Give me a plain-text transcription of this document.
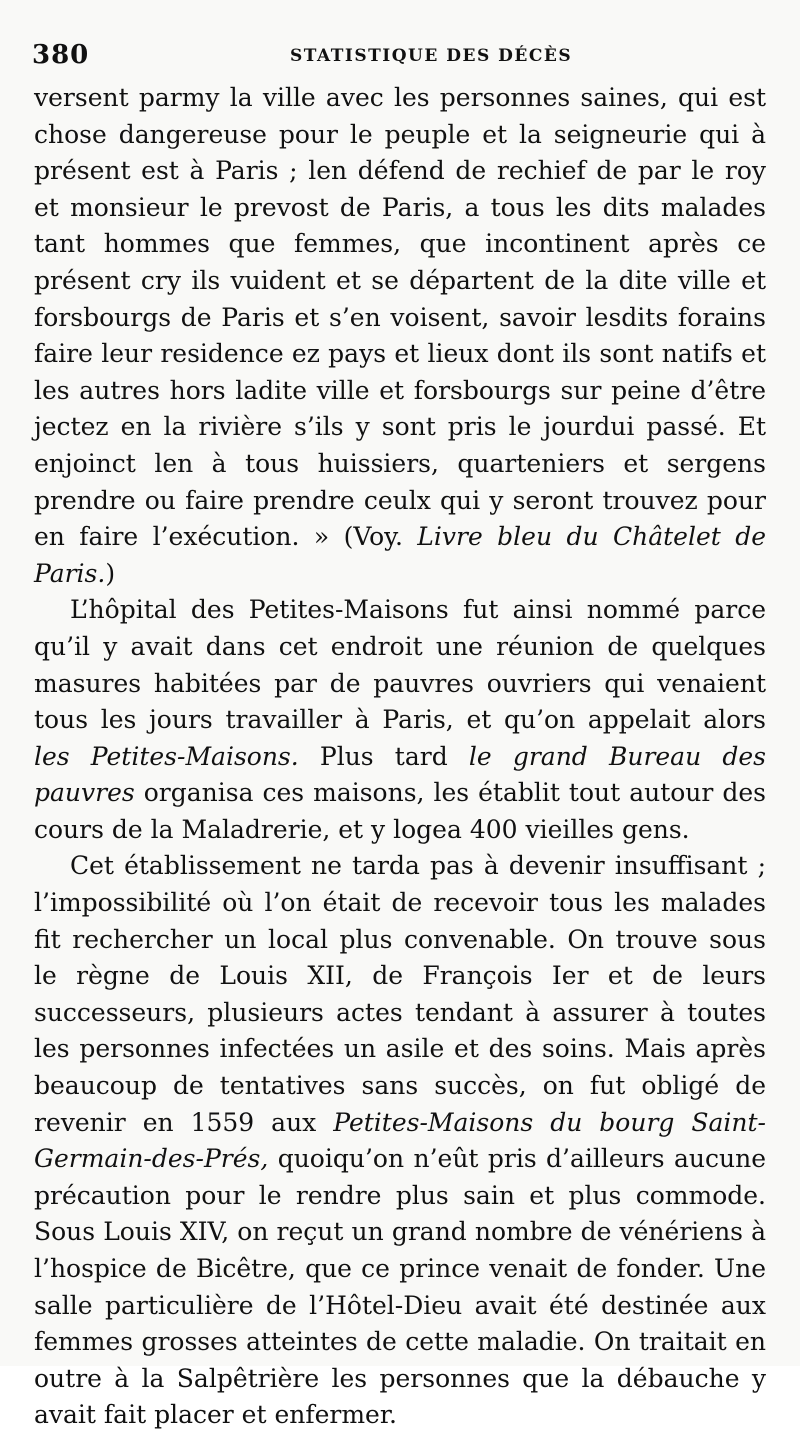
380	STATISTIQUE DES DÉCÈS

versent parmy la ville avec les personnes saines, qui est chose dangereuse pour le peuple et la seigneurie qui à présent est à Paris ; len défend de rechief de par le roy et monsieur le prevost de Paris, a tous les dits malades tant hommes que femmes, que incontinent après ce présent cry ils vuident et se départent de la dite ville et forsbourgs de Paris et s’en voisent, savoir lesdits forains faire leur residence ez pays et lieux dont ils sont natifs et les autres hors ladite ville et forsbourgs sur peine d’être jectez en la rivière s’ils y sont pris le jourdui passé. Et enjoinct len à tous huissiers, quarteniers et sergens prendre ou faire prendre ceulx qui y seront trouvez pour en faire l’exécution. » (Voy. Livre bleu du Châtelet de Paris.)

L’hôpital des Petites-Maisons fut ainsi nommé parce qu’il y avait dans cet endroit une réunion de quelques masures habitées par de pauvres ouvriers qui venaient tous les jours travailler à Paris, et qu’on appelait alors les Petites-Maisons. Plus tard le grand Bureau des pauvres organisa ces maisons, les établit tout autour des cours de la Maladrerie, et y logea 400 vieilles gens.

Cet établissement ne tarda pas à devenir insuffisant ; l’impossibilité où l’on était de recevoir tous les malades fit rechercher un local plus convenable. On trouve sous le règne de Louis XII, de François Ier et de leurs successeurs, plusieurs actes tendant à assurer à toutes les personnes infectées un asile et des soins. Mais après beaucoup de tentatives sans succès, on fut obligé de revenir en 1559 aux Petites-Maisons du bourg Saint-Germain-des-Prés, quoiqu’on n’eût pris d’ailleurs aucune précaution pour le rendre plus sain et plus commode. Sous Louis XIV, on reçut un grand nombre de vénériens à l’hospice de Bicêtre, que ce prince venait de fonder. Une salle particulière de l’Hôtel-Dieu avait été destinée aux femmes grosses atteintes de cette maladie. On traitait en outre à la Salpêtrière les personnes que la débauche y avait fait placer et enfermer.
